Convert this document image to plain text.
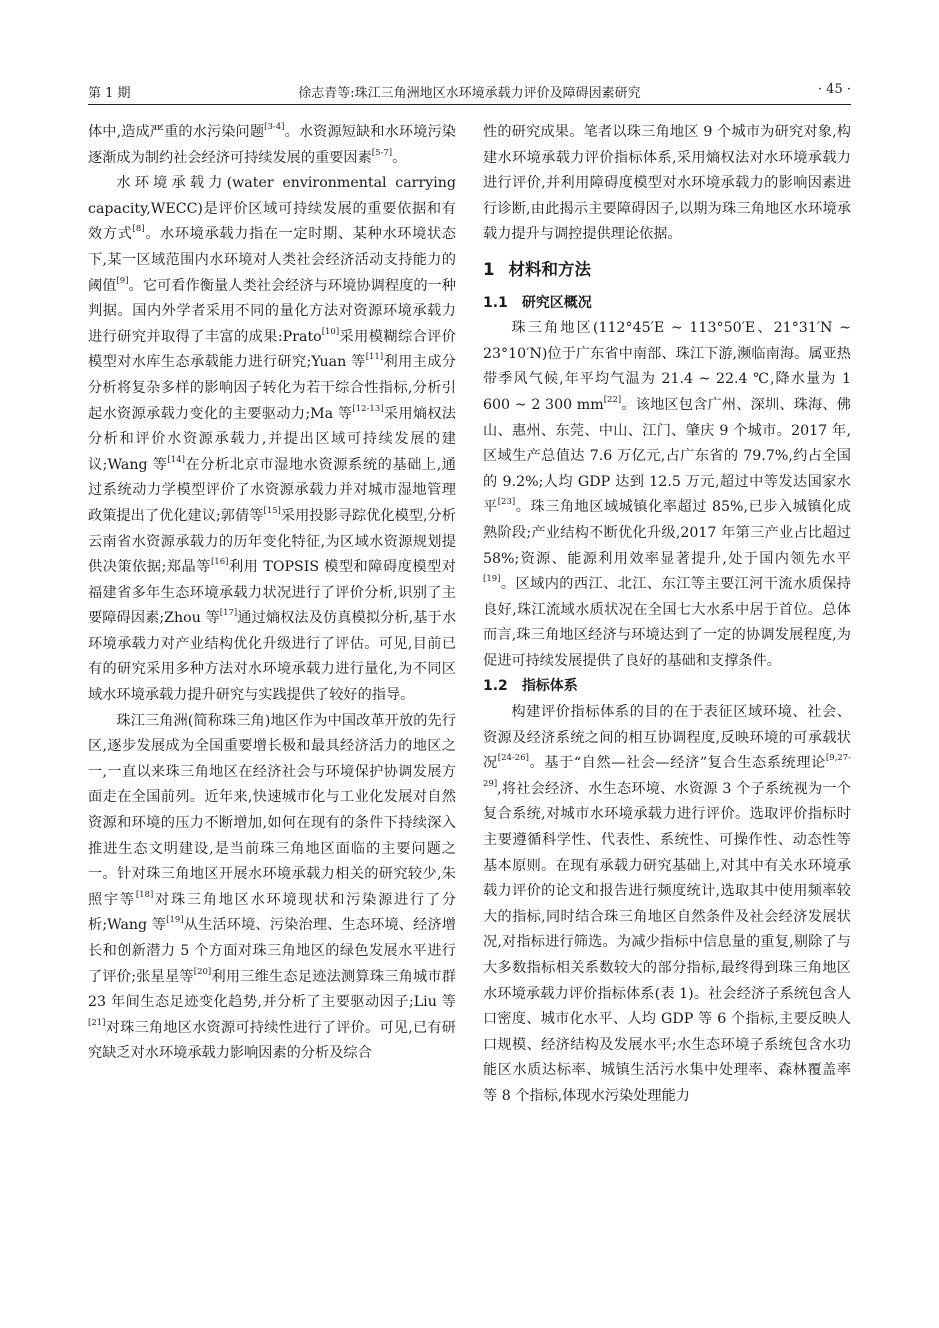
第 1 期	徐志青等:珠江三角洲地区水环境承载力评价及障碍因素研究	· 45 ·

体中,造成严重的水污染问题[3-4]。水资源短缺和水环境污染逐渐成为制约社会经济可持续发展的重要因素[5-7]。

水环境承载力(water environmental carrying capacity,WECC)是评价区域可持续发展的重要依据和有效方式[8]。水环境承载力指在一定时期、某种水环境状态下,某一区域范围内水环境对人类社会经济活动支持能力的阈值[9]。它可看作衡量人类社会经济与环境协调程度的一种判据。国内外学者采用不同的量化方法对资源环境承载力进行研究并取得了丰富的成果:Prato[10]采用模糊综合评价模型对水库生态承载能力进行研究;Yuan 等[11]利用主成分分析将复杂多样的影响因子转化为若干综合性指标,分析引起水资源承载力变化的主要驱动力;Ma 等[12-13]采用熵权法分析和评价水资源承载力,并提出区域可持续发展的建议;Wang 等[14]在分析北京市湿地水资源系统的基础上,通过系统动力学模型评价了水资源承载力并对城市湿地管理政策提出了优化建议;郭倩等[15]采用投影寻踪优化模型,分析云南省水资源承载力的历年变化特征,为区域水资源规划提供决策依据;郑晶等[16]利用 TOPSIS 模型和障碍度模型对福建省多年生态环境承载力状况进行了评价分析,识别了主要障碍因素;Zhou 等[17]通过熵权法及仿真模拟分析,基于水环境承载力对产业结构优化升级进行了评估。可见,目前已有的研究采用多种方法对水环境承载力进行量化,为不同区域水环境承载力提升研究与实践提供了较好的指导。

珠江三角洲(简称珠三角)地区作为中国改革开放的先行区,逐步发展成为全国重要增长极和最具经济活力的地区之一,一直以来珠三角地区在经济社会与环境保护协调发展方面走在全国前列。近年来,快速城市化与工业化发展对自然资源和环境的压力不断增加,如何在现有的条件下持续深入推进生态文明建设,是当前珠三角地区面临的主要问题之一。针对珠三角地区开展水环境承载力相关的研究较少,朱照宇等[18]对珠三角地区水环境现状和污染源进行了分析;Wang 等[19]从生活环境、污染治理、生态环境、经济增长和创新潜力 5 个方面对珠三角地区的绿色发展水平进行了评价;张星星等[20]利用三维生态足迹法测算珠三角城市群 23 年间生态足迹变化趋势,并分析了主要驱动因子;Liu 等[21]对珠三角地区水资源可持续性进行了评价。可见,已有研究缺乏对水环境承载力影响因素的分析及综合

性的研究成果。笔者以珠三角地区 9 个城市为研究对象,构建水环境承载力评价指标体系,采用熵权法对水环境承载力进行评价,并利用障碍度模型对水环境承载力的影响因素进行诊断,由此揭示主要障碍因子,以期为珠三角地区水环境承载力提升与调控提供理论依据。

1 材料和方法

1.1 研究区概况

珠三角地区(112°45′E ~ 113°50′E、21°31′N ~ 23°10′N)位于广东省中南部、珠江下游,濒临南海。属亚热带季风气候,年平均气温为 21.4 ~ 22.4 ℃,降水量为 1 600 ~ 2 300 mm[22]。该地区包含广州、深圳、珠海、佛山、惠州、东莞、中山、江门、肇庆 9 个城市。2017 年,区域生产总值达 7.6 万亿元,占广东省的 79.7%,约占全国的 9.2%;人均 GDP 达到 12.5 万元,超过中等发达国家水平[23]。珠三角地区域城镇化率超过 85%,已步入城镇化成熟阶段;产业结构不断优化升级,2017 年第三产业占比超过 58%;资源、能源利用效率显著提升,处于国内领先水平[19]。区域内的西江、北江、东江等主要江河干流水质保持良好,珠江流域水质状况在全国七大水系中居于首位。总体而言,珠三角地区经济与环境达到了一定的协调发展程度,为促进可持续发展提供了良好的基础和支撑条件。

1.2 指标体系

构建评价指标体系的目的在于表征区域环境、社会、资源及经济系统之间的相互协调程度,反映环境的可承载状况[24-26]。基于“自然—社会—经济”复合生态系统理论[9,27-29],将社会经济、水生态环境、水资源 3 个子系统视为一个复合系统,对城市水环境承载力进行评价。选取评价指标时主要遵循科学性、代表性、系统性、可操作性、动态性等基本原则。在现有承载力研究基础上,对其中有关水环境承载力评价的论文和报告进行频度统计,选取其中使用频率较大的指标,同时结合珠三角地区自然条件及社会经济发展状况,对指标进行筛选。为减少指标中信息量的重复,剔除了与大多数指标相关系数较大的部分指标,最终得到珠三角地区水环境承载力评价指标体系(表 1)。社会经济子系统包含人口密度、城市化水平、人均 GDP 等 6 个指标,主要反映人口规模、经济结构及发展水平;水生态环境子系统包含水功能区水质达标率、城镇生活污水集中处理率、森林覆盖率等 8 个指标,体现水污染处理能力
